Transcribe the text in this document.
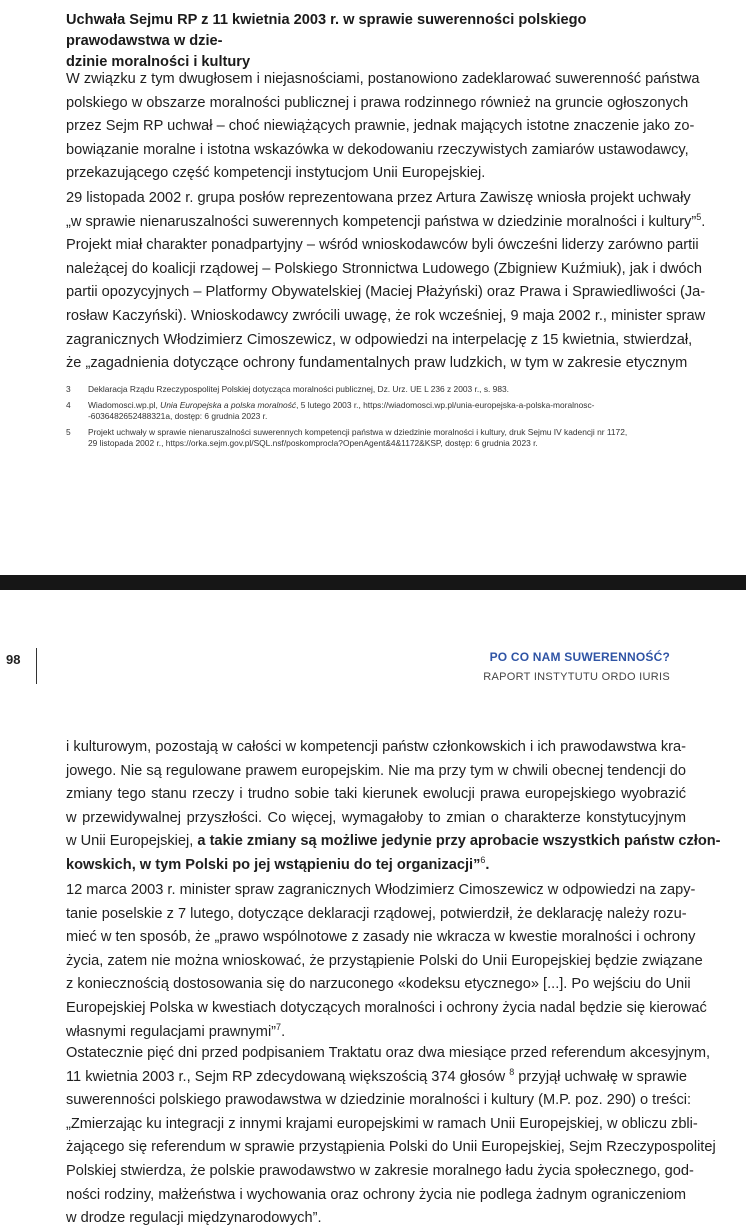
Uchwała Sejmu RP z 11 kwietnia 2003 r. w sprawie suwerenności polskiego prawodawstwa w dzie-
dzinie moralności i kultury
W związku z tym dwugłosem i niejasnościami, postanowiono zadeklarować suwerenność państwa
polskiego w obszarze moralności publicznej i prawa rodzinnego również na gruncie ogłoszonych
przez Sejm RP uchwał – choć niewiążących prawnie, jednak mających istotne znaczenie jako zo-
bowiązanie moralne i istotna wskazówka w dekodowaniu rzeczywistych zamiarów ustawodawcy,
przekazującego część kompetencji instytucjom Unii Europejskiej.
29 listopada 2002 r. grupa posłów reprezentowana przez Artura Zawiszę wniosła projekt uchwały
„w sprawie nienaruszalności suwerennych kompetencji państwa w dziedzinie moralności i kultury”$^5$.
Projekt miał charakter ponadpartyjny – wśród wnioskodawców byli ówcześni liderzy zarówno partii
należącej do koalicji rządowej – Polskiego Stronnictwa Ludowego (Zbigniew Kuźmiuk), jak i dwóch
partii opozycyjnych – Platformy Obywatelskiej (Maciej Płażyński) oraz Prawa i Sprawiedliwości (Ja-
rosław Kaczyński). Wnioskodawcy zwrócili uwagę, że rok wcześniej, 9 maja 2002 r., minister spraw
zagranicznych Włodzimierz Cimoszewicz, w odpowiedzi na interpelację z 15 kwietnia, stwierdzał,
że „zagadnienia dotyczące ochrony fundamentalnych praw ludzkich, w tym w zakresie etycznym
3	Deklaracja Rządu Rzeczypospolitej Polskiej dotycząca moralności publicznej, Dz. Urz. UE L 236 z 2003 r., s. 983.
4	Wiadomosci.wp.pl, Unia Europejska a polska moralność, 5 lutego 2003 r., https://wiadomosci.wp.pl/unia-europejska-a-polska-moralnosc-
-6036482652488321a, dostęp: 6 grudnia 2023 r.
5	Projekt uchwały w sprawie nienaruszalności suwerennych kompetencji państwa w dziedzinie moralności i kultury, druk Sejmu IV kadencji nr 1172,
29 listopada 2002 r., https://orka.sejm.gov.pl/SQL.nsf/poskomprocla?OpenAgent&4&1172&KSP, dostęp: 6 grudnia 2023 r.
98	PO CO NAM SUWERENNOŚĆ?
RAPORT INSTYTUTU ORDO IURIS
i kulturowym, pozostają w całości w kompetencji państw członkowskich i ich prawodawstwa kra-
jowego. Nie są regulowane prawem europejskim. Nie ma przy tym w chwili obecnej tendencji do
zmiany tego stanu rzeczy i trudno sobie taki kierunek ewolucji prawa europejskiego wyobrazić
w przewidywalnej przyszłości. Co więcej, wymagałoby to zmian o charakterze konstytucyjnym
w Unii Europejskiej, a takie zmiany są możliwe jedynie przy aprobacie wszystkich państw człon-
kowskich, w tym Polski po jej wstąpieniu do tej organizacji”$^6$.
12 marca 2003 r. minister spraw zagranicznych Włodzimierz Cimoszewicz w odpowiedzi na zapy-
tanie poselskie z 7 lutego, dotyczące deklaracji rządowej, potwierdził, że deklarację należy rozu-
mieć w ten sposób, że „prawo wspólnotowe z zasady nie wkracza w kwestie moralności i ochrony
życia, zatem nie można wnioskować, że przystąpienie Polski do Unii Europejskiej będzie związane
z koniecznością dostosowania się do narzuconego «kodeksu etycznego» [...]. Po wejściu do Unii
Europejskiej Polska w kwestiach dotyczących moralności i ochrony życia nadal będzie się kierować
własnymi regulacjami prawnymi”$^7$.
Ostatecznie pięć dni przed podpisaniem Traktatu oraz dwa miesiące przed referendum akcesyjnym,
11 kwietnia 2003 r., Sejm RP zdecydowaną większością 374 głosów $^8$ przyjął uchwałę w sprawie
suwerenności polskiego prawodawstwa w dziedzinie moralności i kultury (M.P. poz. 290) o treści:
„Zmierzając ku integracji z innymi krajami europejskimi w ramach Unii Europejskiej, w obliczu zbli-
żającego się referendum w sprawie przystąpienia Polski do Unii Europejskiej, Sejm Rzeczypospolitej
Polskiej stwierdza, że polskie prawodawstwo w zakresie moralnego ładu życia społecznego, god-
ności rodziny, małżeństwa i wychowania oraz ochrony życia nie podlega żadnym ograniczeniom
w drodze regulacji międzynarodowych”.
